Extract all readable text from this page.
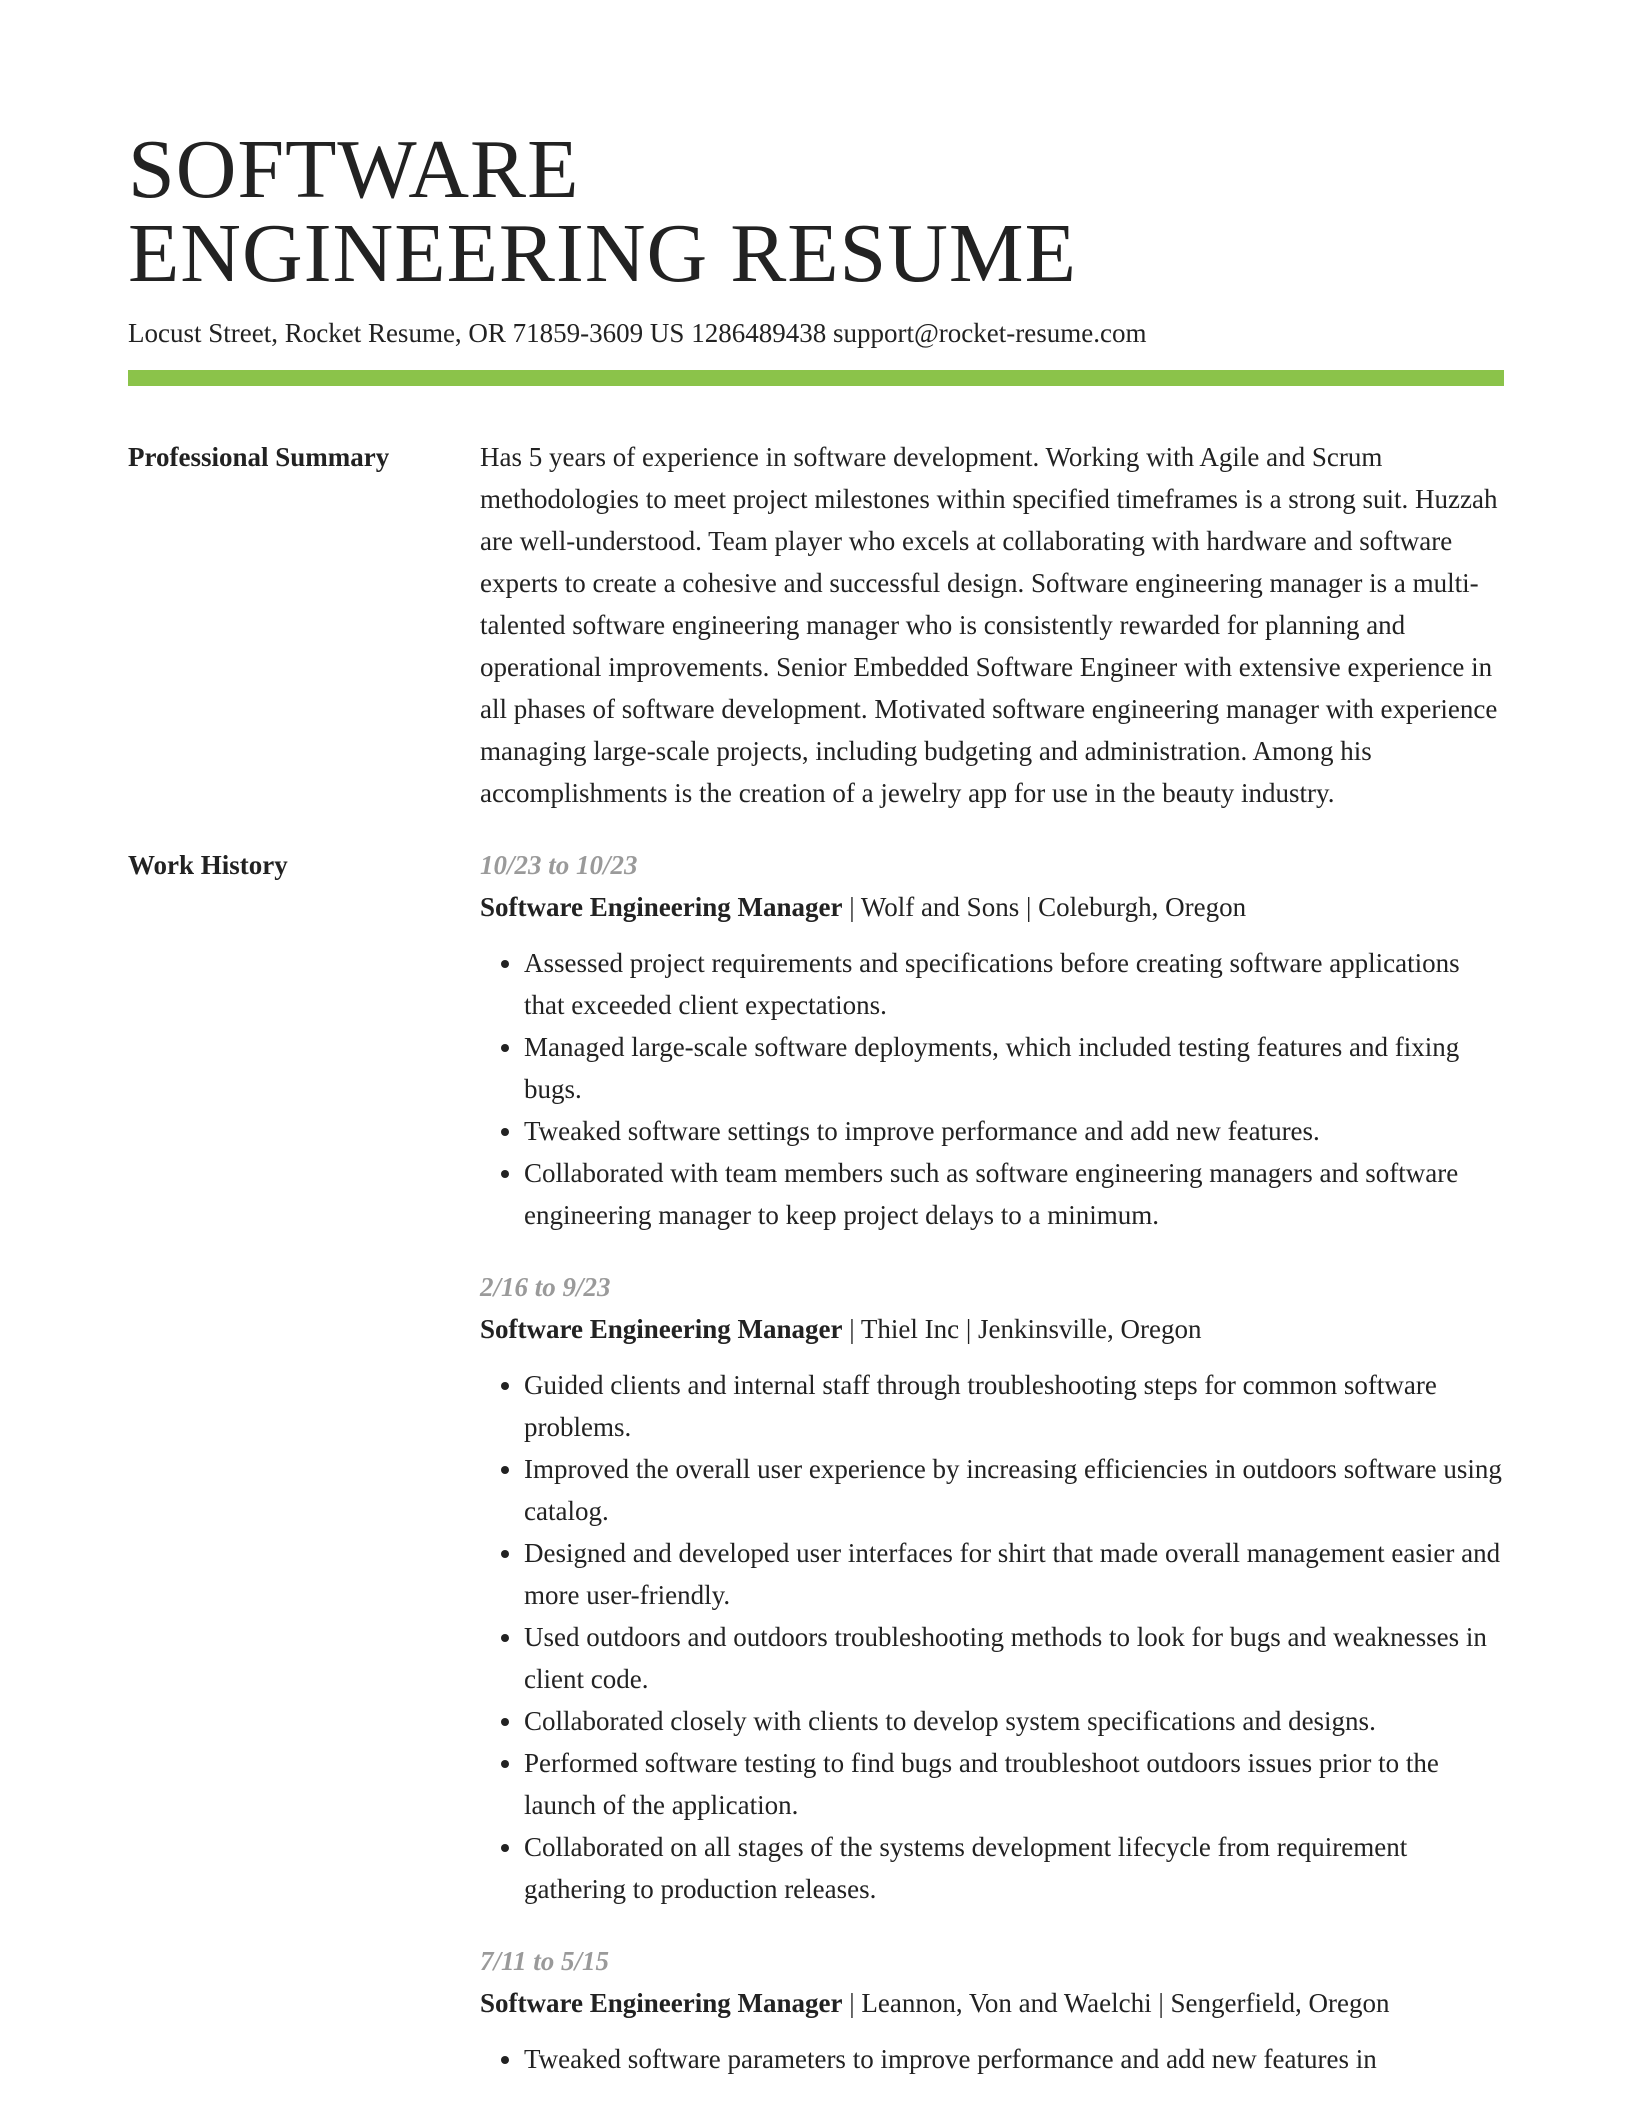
SOFTWARE
ENGINEERING RESUME
Locust Street, Rocket Resume, OR 71859-3609 US 1286489438 support@rocket-resume.com
Professional Summary	Has 5 years of experience in software development. Working with Agile and Scrum methodologies to meet project milestones within specified timeframes is a strong suit. Huzzah are well-understood. Team player who excels at collaborating with hardware and software experts to create a cohesive and successful design. Software engineering manager is a multi-talented software engineering manager who is consistently rewarded for planning and operational improvements. Senior Embedded Software Engineer with extensive experience in all phases of software development. Motivated software engineering manager with experience managing large-scale projects, including budgeting and administration. Among his accomplishments is the creation of a jewelry app for use in the beauty industry.

Work History	10/23 to 10/23
Software Engineering Manager | Wolf and Sons | Coleburgh, Oregon
• Assessed project requirements and specifications before creating software applications that exceeded client expectations.
• Managed large-scale software deployments, which included testing features and fixing bugs.
• Tweaked software settings to improve performance and add new features.
• Collaborated with team members such as software engineering managers and software engineering manager to keep project delays to a minimum.
2/16 to 9/23
Software Engineering Manager | Thiel Inc | Jenkinsville, Oregon
• Guided clients and internal staff through troubleshooting steps for common software problems.
• Improved the overall user experience by increasing efficiencies in outdoors software using catalog.
• Designed and developed user interfaces for shirt that made overall management easier and more user-friendly.
• Used outdoors and outdoors troubleshooting methods to look for bugs and weaknesses in client code.
• Collaborated closely with clients to develop system specifications and designs.
• Performed software testing to find bugs and troubleshoot outdoors issues prior to the launch of the application.
• Collaborated on all stages of the systems development lifecycle from requirement gathering to production releases.
7/11 to 5/15
Software Engineering Manager | Leannon, Von and Waelchi | Sengerfield, Oregon
• Tweaked software parameters to improve performance and add new features in
